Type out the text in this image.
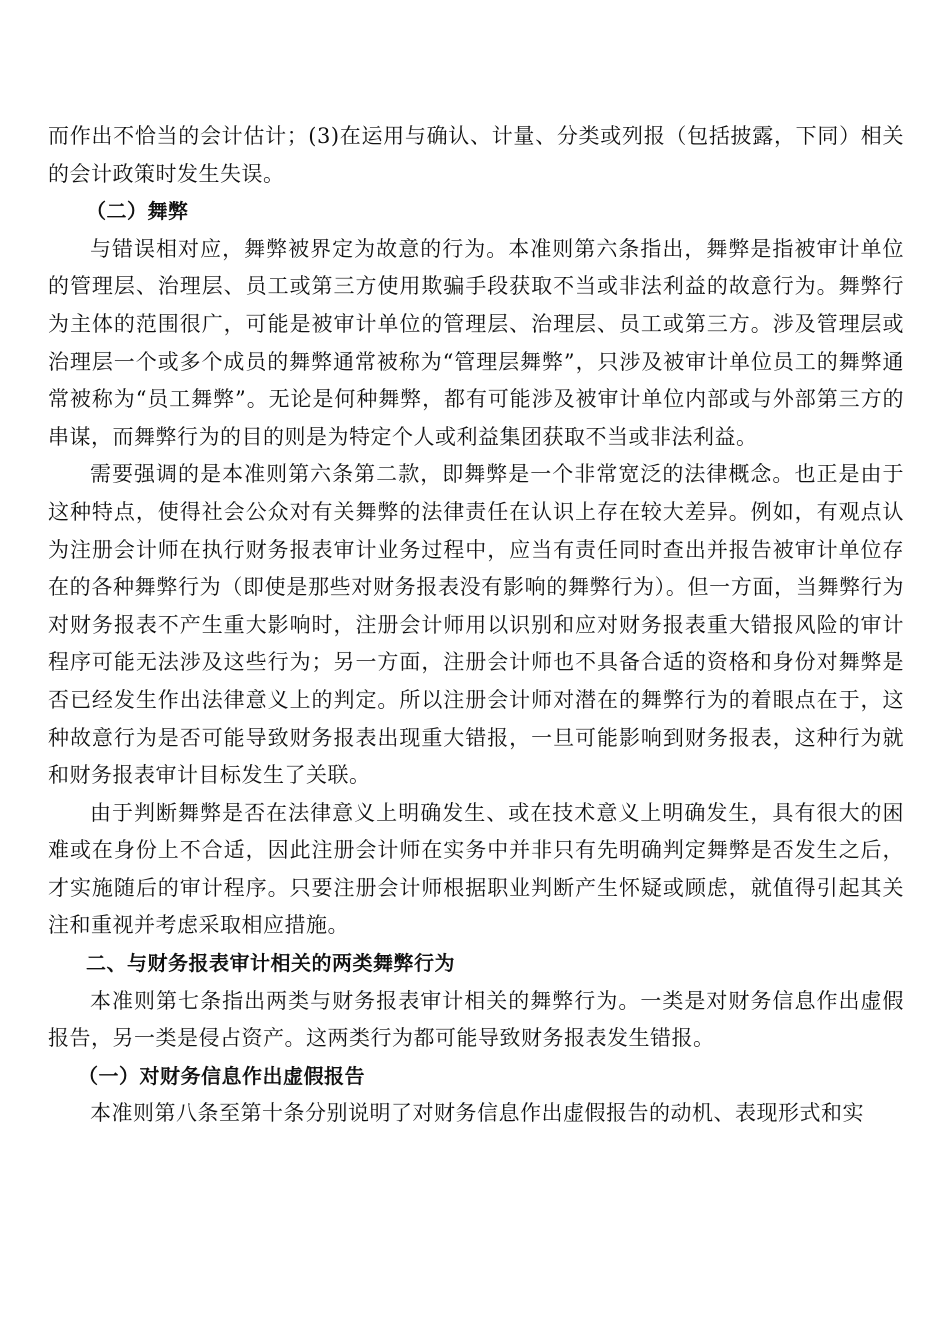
而作出不恰当的会计估计；(3)在运用与确认、计量、分类或列报（包括披露，下同）相关的会计政策时发生失误。

（二）舞弊

与错误相对应，舞弊被界定为故意的行为。本准则第六条指出，舞弊是指被审计单位的管理层、治理层、员工或第三方使用欺骗手段获取不当或非法利益的故意行为。舞弊行为主体的范围很广，可能是被审计单位的管理层、治理层、员工或第三方。涉及管理层或治理层一个或多个成员的舞弊通常被称为“管理层舞弊”，只涉及被审计单位员工的舞弊通常被称为“员工舞弊”。无论是何种舞弊，都有可能涉及被审计单位内部或与外部第三方的串谋，而舞弊行为的目的则是为特定个人或利益集团获取不当或非法利益。

需要强调的是本准则第六条第二款，即舞弊是一个非常宽泛的法律概念。也正是由于这种特点，使得社会公众对有关舞弊的法律责任在认识上存在较大差异。例如，有观点认为注册会计师在执行财务报表审计业务过程中，应当有责任同时查出并报告被审计单位存在的各种舞弊行为（即使是那些对财务报表没有影响的舞弊行为）。但一方面，当舞弊行为对财务报表不产生重大影响时，注册会计师用以识别和应对财务报表重大错报风险的审计程序可能无法涉及这些行为；另一方面，注册会计师也不具备合适的资格和身份对舞弊是否已经发生作出法律意义上的判定。所以注册会计师对潜在的舞弊行为的着眼点在于，这种故意行为是否可能导致财务报表出现重大错报，一旦可能影响到财务报表，这种行为就和财务报表审计目标发生了关联。

由于判断舞弊是否在法律意义上明确发生、或在技术意义上明确发生，具有很大的困难或在身份上不合适，因此注册会计师在实务中并非只有先明确判定舞弊是否发生之后，才实施随后的审计程序。只要注册会计师根据职业判断产生怀疑或顾虑，就值得引起其关注和重视并考虑采取相应措施。

二、与财务报表审计相关的两类舞弊行为

本准则第七条指出两类与财务报表审计相关的舞弊行为。一类是对财务信息作出虚假报告，另一类是侵占资产。这两类行为都可能导致财务报表发生错报。

（一）对财务信息作出虚假报告

本准则第八条至第十条分别说明了对财务信息作出虚假报告的动机、表现形式和实
